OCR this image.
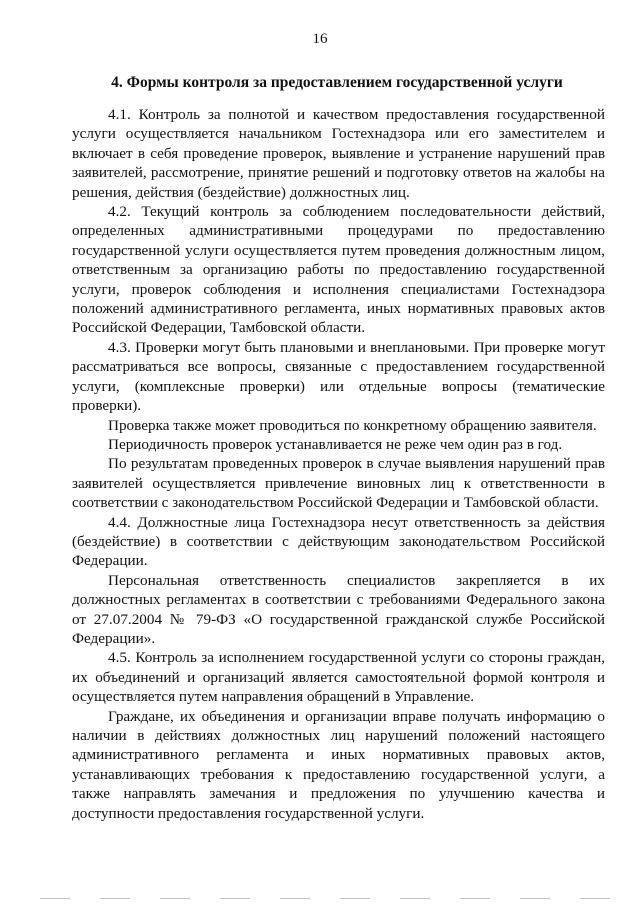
16
4. Формы контроля за предоставлением государственной услуги

4.1. Контроль за полнотой и качеством предоставления государственной услуги осуществляется начальником Гостехнадзора или его заместителем и включает в себя проведение проверок, выявление и устранение нарушений прав заявителей, рассмотрение, принятие решений и подготовку ответов на жалобы на решения, действия (бездействие) должностных лиц.

4.2. Текущий контроль за соблюдением последовательности действий, определенных административными процедурами по предоставлению государственной услуги осуществляется путем проведения должностным лицом, ответственным за организацию работы по предоставлению государственной услуги, проверок соблюдения и исполнения специалистами Гостехнадзора положений административного регламента, иных нормативных правовых актов Российской Федерации, Тамбовской области.

4.3. Проверки могут быть плановыми и внеплановыми. При проверке могут рассматриваться все вопросы, связанные с предоставлением государственной услуги, (комплексные проверки) или отдельные вопросы (тематические проверки).

Проверка также может проводиться по конкретному обращению заявителя.

Периодичность проверок устанавливается не реже чем один раз в год.

По результатам проведенных проверок в случае выявления нарушений прав заявителей осуществляется привлечение виновных лиц к ответственности в соответствии с законодательством Российской Федерации и Тамбовской области.

4.4. Должностные лица Гостехнадзора несут ответственность за действия (бездействие) в соответствии с действующим законодательством Российской Федерации.

Персональная ответственность специалистов закрепляется в их должностных регламентах в соответствии с требованиями Федерального закона от 27.07.2004 № 79-ФЗ «О государственной гражданской службе Российской Федерации».

4.5. Контроль за исполнением государственной услуги со стороны граждан, их объединений и организаций является самостоятельной формой контроля и осуществляется путем направления обращений в Управление.

Граждане, их объединения и организации вправе получать информацию о наличии в действиях должностных лиц нарушений положений настоящего административного регламента и иных нормативных правовых актов, устанавливающих требования к предоставлению государственной услуги, а также направлять замечания и предложения по улучшению качества и доступности предоставления государственной услуги.
